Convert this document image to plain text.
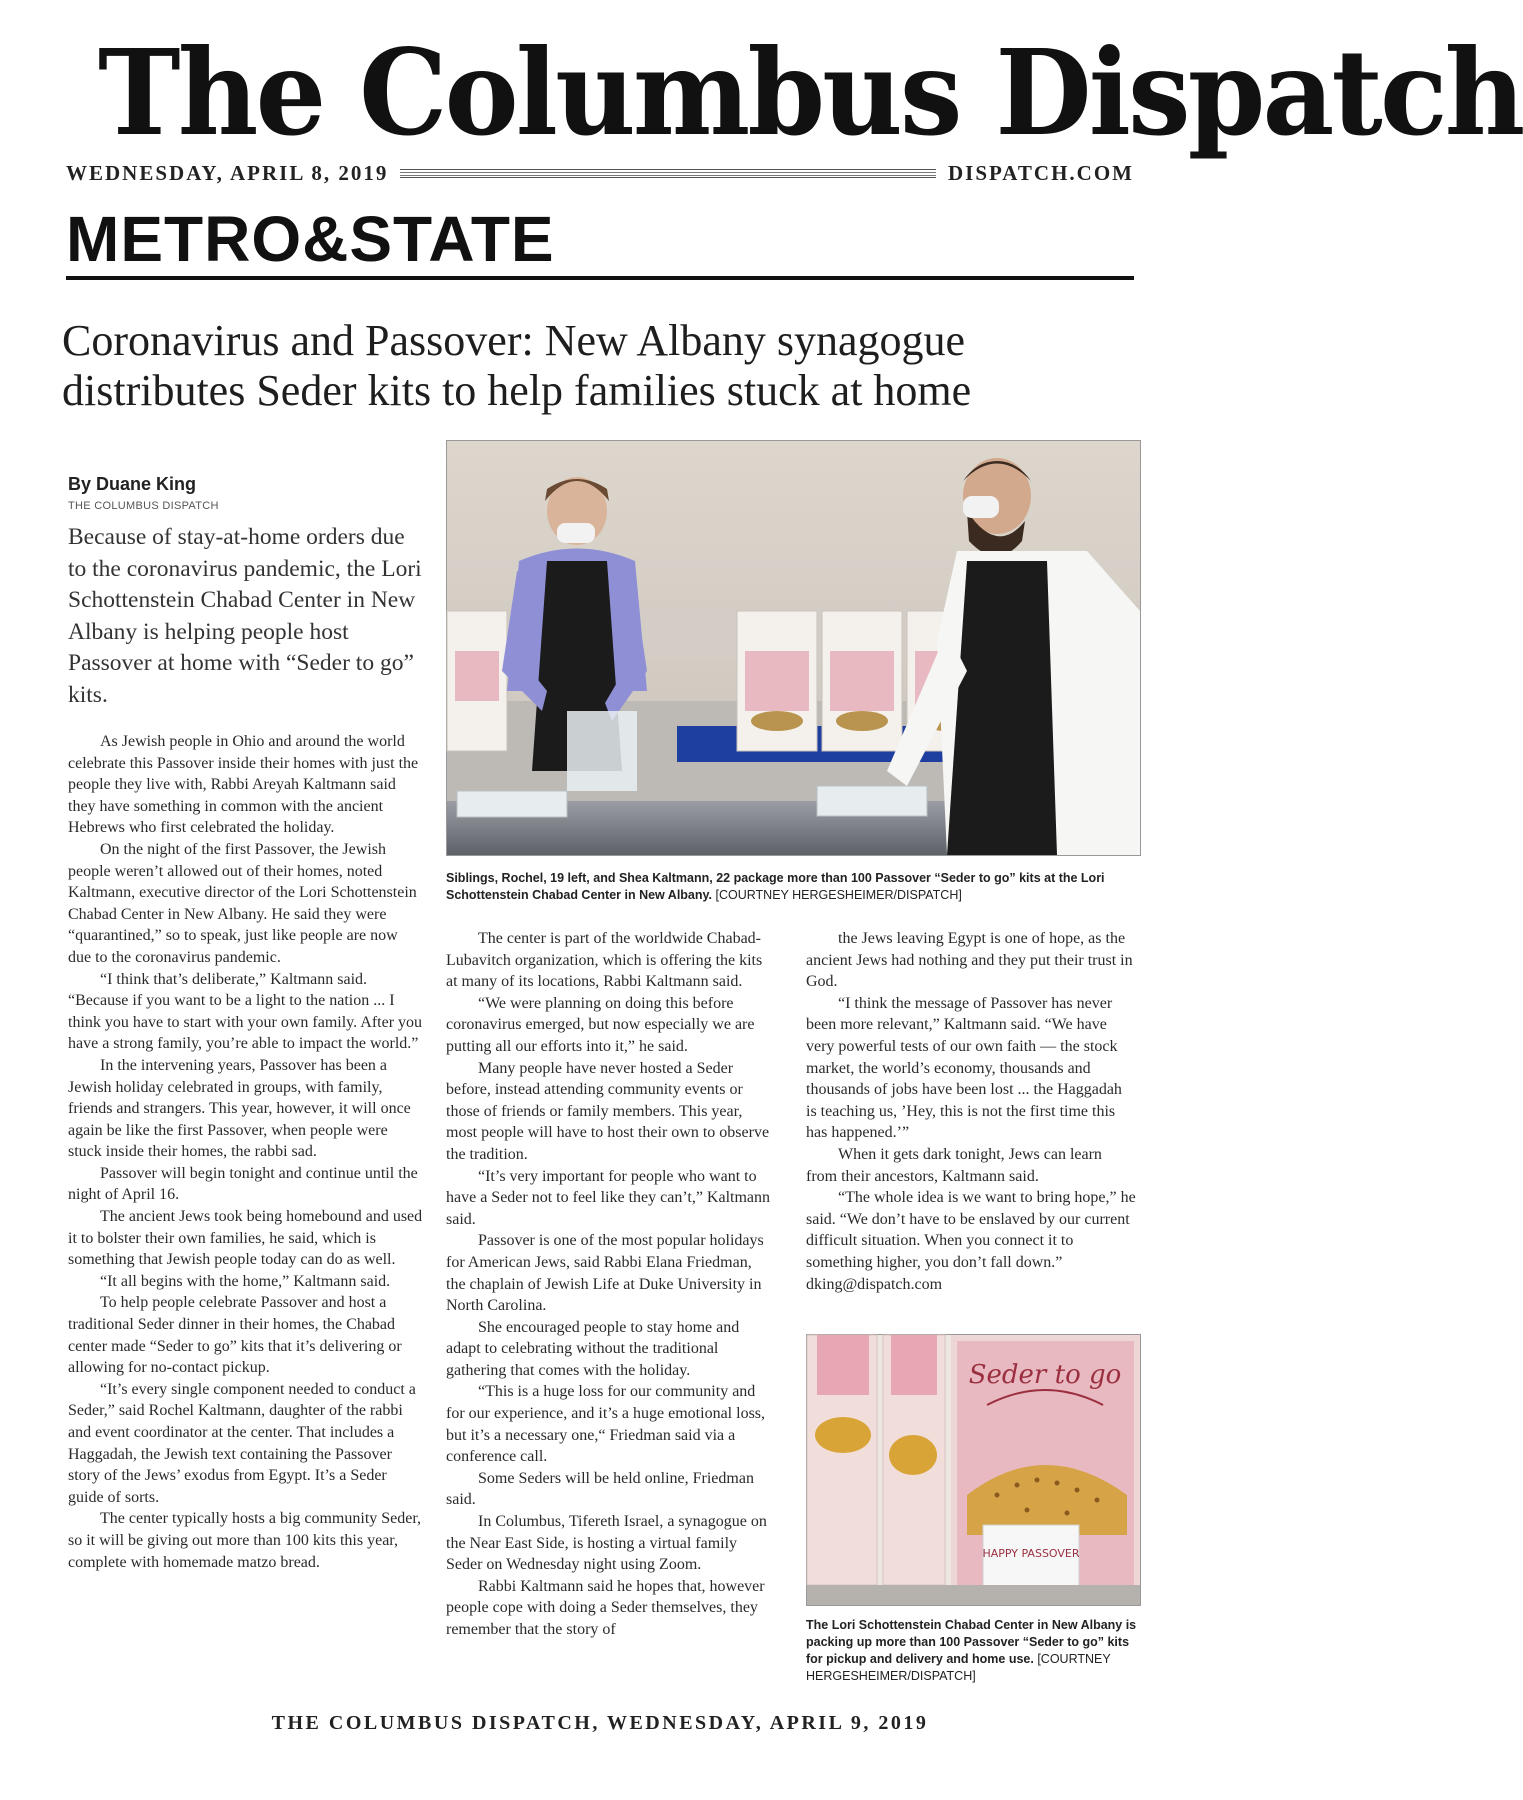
The Columbus Dispatch
WEDNESDAY, APRIL 8, 2019	DISPATCH.COM
METRO&STATE
Coronavirus and Passover: New Albany synagogue distributes Seder kits to help families stuck at home
By Duane King
THE COLUMBUS DISPATCH
Because of stay-at-home orders due to the coronavirus pandemic, the Lori Schottenstein Chabad Center in New Albany is helping people host Passover at home with “Seder to go” kits.

As Jewish people in Ohio and around the world celebrate this Passover inside their homes with just the people they live with, Rabbi Areyah Kaltmann said they have something in common with the ancient Hebrews who first celebrated the holiday.

On the night of the first Passover, the Jewish people weren’t allowed out of their homes, noted Kaltmann, executive director of the Lori Schottenstein Chabad Center in New Albany. He said they were “quarantined,” so to speak, just like people are now due to the coronavirus pandemic.

“I think that’s deliberate,” Kaltmann said. “Because if you want to be a light to the nation ... I think you have to start with your own family. After you have a strong family, you’re able to impact the world.”

In the intervening years, Passover has been a Jewish holiday celebrated in groups, with family, friends and strangers. This year, however, it will once again be like the first Passover, when people were stuck inside their homes, the rabbi sad.

Passover will begin tonight and continue until the night of April 16.

The ancient Jews took being homebound and used it to bolster their own families, he said, which is something that Jewish people today can do as well.

“It all begins with the home,” Kaltmann said.

To help people celebrate Passover and host a traditional Seder dinner in their homes, the Chabad center made “Seder to go” kits that it’s delivering or allowing for no-contact pickup.

“It’s every single component needed to conduct a Seder,” said Rochel Kaltmann, daughter of the rabbi and event coordinator at the center. That includes a Haggadah, the Jewish text containing the Passover story of the Jews’ exodus from Egypt. It’s a Seder guide of sorts.

The center typically hosts a big community Seder, so it will be giving out more than 100 kits this year, complete with homemade matzo bread.

Siblings, Rochel, 19 left, and Shea Kaltmann, 22 package more than 100 Passover “Seder to go” kits at the Lori Schottenstein Chabad Center in New Albany. [COURTNEY HERGESHEIMER/DISPATCH]

The center is part of the worldwide Chabad-Lubavitch organization, which is offering the kits at many of its locations, Rabbi Kaltmann said.

“We were planning on doing this before coronavirus emerged, but now especially we are putting all our efforts into it,” he said.

Many people have never hosted a Seder before, instead attending community events or those of friends or family members. This year, most people will have to host their own to observe the tradition.

“It’s very important for people who want to have a Seder not to feel like they can’t,” Kaltmann said.

Passover is one of the most popular holidays for American Jews, said Rabbi Elana Friedman, the chaplain of Jewish Life at Duke University in North Carolina.

She encouraged people to stay home and adapt to celebrating without the traditional gathering that comes with the holiday.

“This is a huge loss for our community and for our experience, and it’s a huge emotional loss, but it’s a necessary one,“ Friedman said via a conference call.

Some Seders will be held online, Friedman said.

In Columbus, Tifereth Israel, a synagogue on the Near East Side, is hosting a virtual family Seder on Wednesday night using Zoom.

Rabbi Kaltmann said he hopes that, however people cope with doing a Seder themselves, they remember that the story of

the Jews leaving Egypt is one of hope, as the ancient Jews had nothing and they put their trust in God.

“I think the message of Passover has never been more relevant,” Kaltmann said. “We have very powerful tests of our own faith — the stock market, the world’s economy, thousands and thousands of jobs have been lost ... the Haggadah is teaching us, ’Hey, this is not the first time this has happened.’”

When it gets dark tonight, Jews can learn from their ancestors, Kaltmann said.

“The whole idea is we want to bring hope,” he said. “We don’t have to be enslaved by our current difficult situation. When you connect it to something higher, you don’t fall down.” dking@dispatch.com

Seder to go
HAPPY PASSOVER
The Lori Schottenstein Chabad Center in New Albany is packing up more than 100 Passover “Seder to go” kits for pickup and delivery and home use. [COURTNEY HERGESHEIMER/DISPATCH]
THE COLUMBUS DISPATCH, WEDNESDAY, APRIL 9, 2019
